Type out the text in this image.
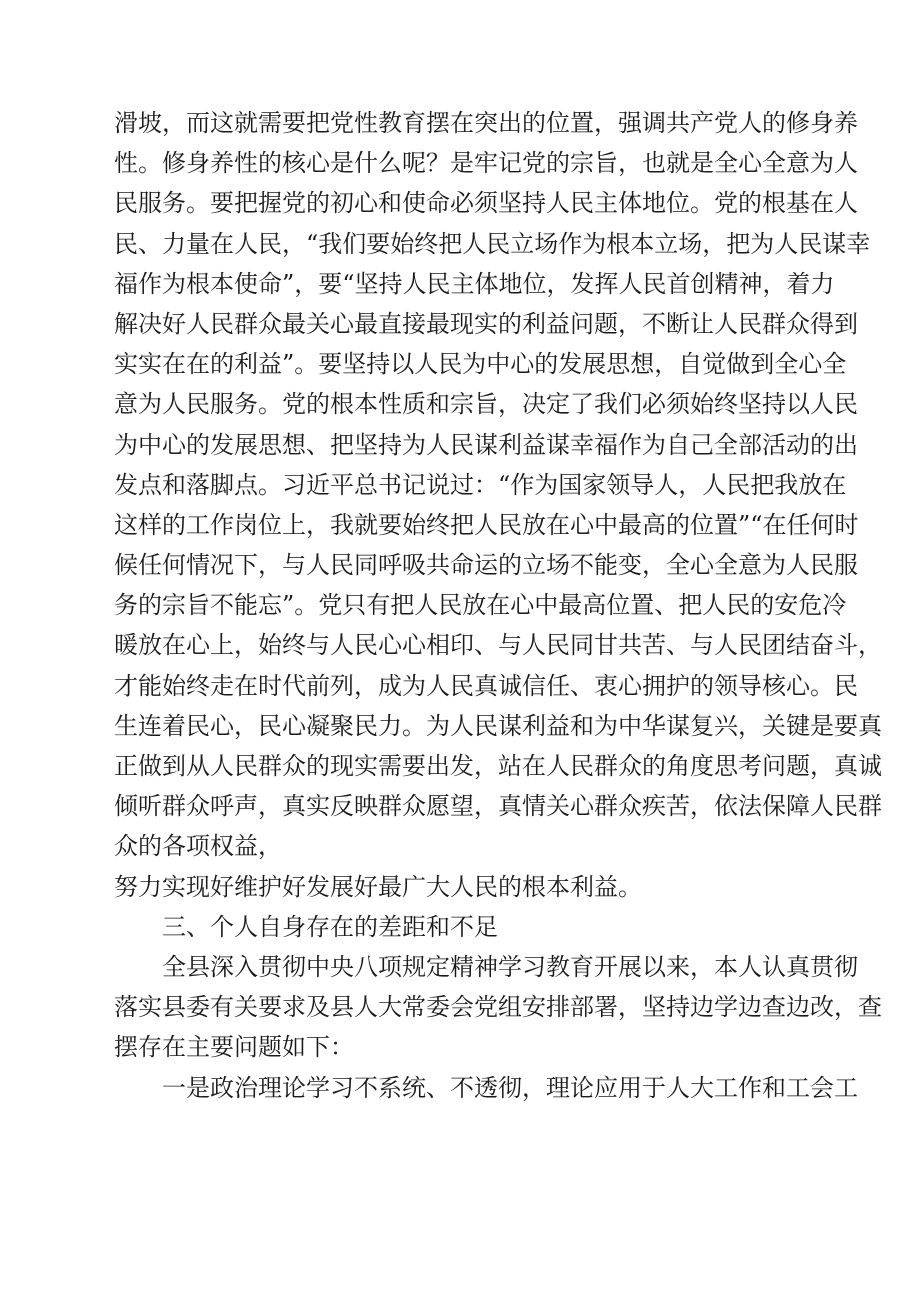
滑坡，而这就需要把党性教育摆在突出的位置，强调共产党人的修身养
性。修身养性的核心是什么呢？是牢记党的宗旨，也就是全心全意为人
民服务。要把握党的初心和使命必须坚持人民主体地位。党的根基在人
民、力量在人民，“我们要始终把人民立场作为根本立场，把为人民谋幸
福作为根本使命”，要“坚持人民主体地位，发挥人民首创精神，着力
解决好人民群众最关心最直接最现实的利益问题，不断让人民群众得到
实实在在的利益”。要坚持以人民为中心的发展思想，自觉做到全心全
意为人民服务。党的根本性质和宗旨，决定了我们必须始终坚持以人民
为中心的发展思想、把坚持为人民谋利益谋幸福作为自己全部活动的出
发点和落脚点。习近平总书记说过：“作为国家领导人，人民把我放在
这样的工作岗位上，我就要始终把人民放在心中最高的位置”“在任何时
候任何情况下，与人民同呼吸共命运的立场不能变，全心全意为人民服
务的宗旨不能忘”。党只有把人民放在心中最高位置、把人民的安危冷
暖放在心上，始终与人民心心相印、与人民同甘共苦、与人民团结奋斗，
才能始终走在时代前列，成为人民真诚信任、衷心拥护的领导核心。民
生连着民心，民心凝聚民力。为人民谋利益和为中华谋复兴，关键是要真
正做到从人民群众的现实需要出发，站在人民群众的角度思考问题，真诚
倾听群众呼声，真实反映群众愿望，真情关心群众疾苦，依法保障人民群
众的各项权益，
努力实现好维护好发展好最广大人民的根本利益。
三、个人自身存在的差距和不足
全县深入贯彻中央八项规定精神学习教育开展以来，本人认真贯彻
落实县委有关要求及县人大常委会党组安排部署，坚持边学边查边改，查
摆存在主要问题如下：
一是政治理论学习不系统、不透彻，理论应用于人大工作和工会工
